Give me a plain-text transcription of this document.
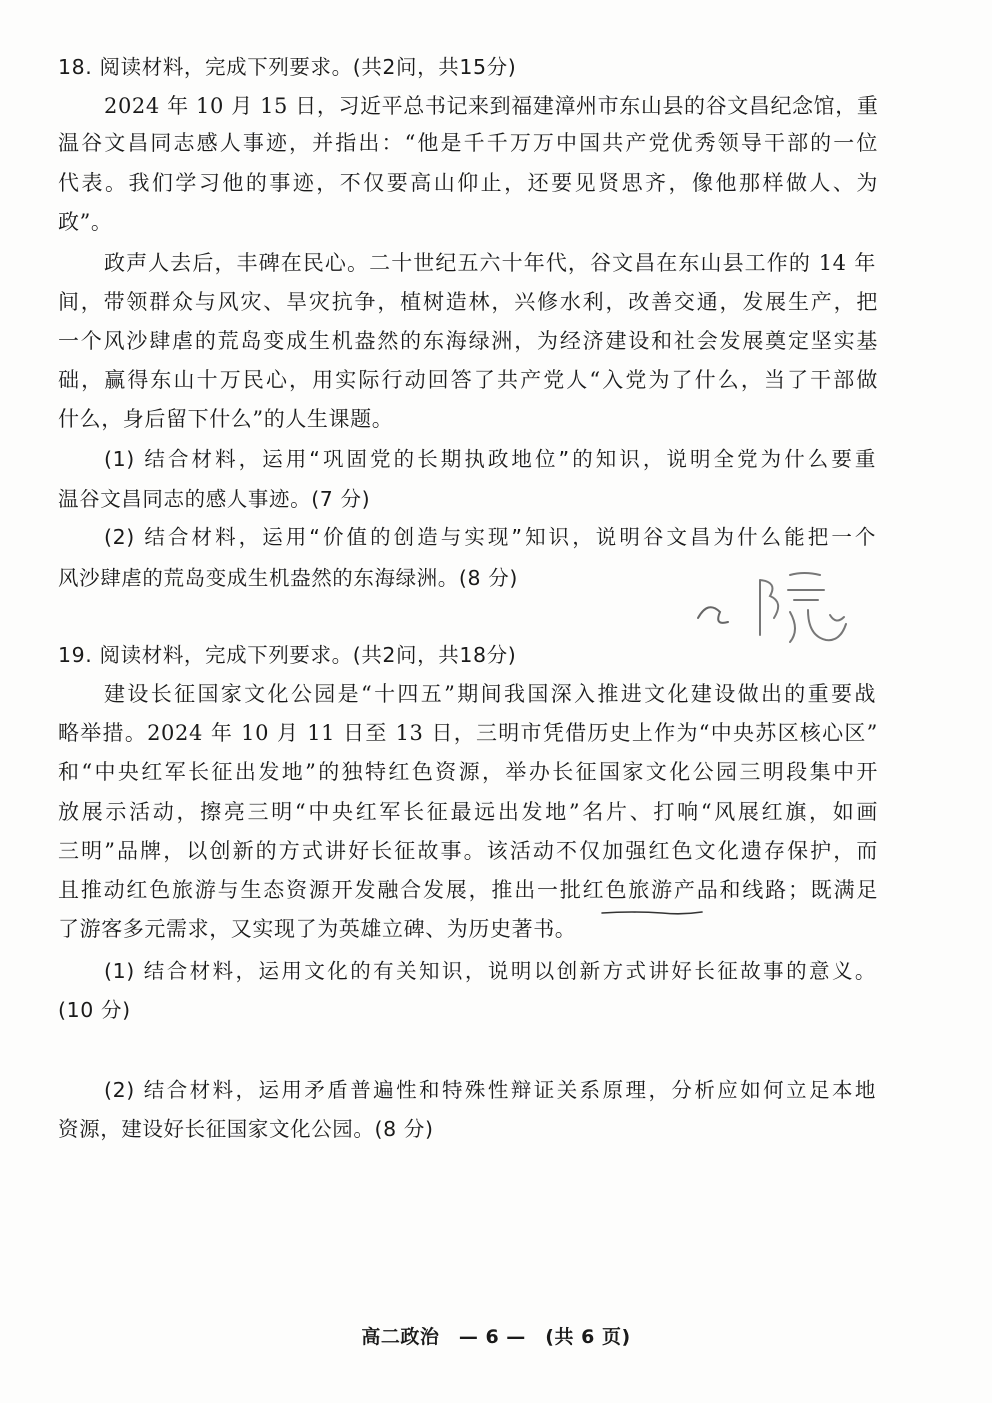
18. 阅读材料，完成下列要求。(共2问，共15分)
2024 年 10 月 15 日，习近平总书记来到福建漳州市东山县的谷文昌纪念馆，重
温谷文昌同志感人事迹，并指出：“他是千千万万中国共产党优秀领导干部的一位
代表。我们学习他的事迹，不仅要高山仰止，还要见贤思齐，像他那样做人、为
政”。
政声人去后，丰碑在民心。二十世纪五六十年代，谷文昌在东山县工作的 14 年
间，带领群众与风灾、旱灾抗争，植树造林，兴修水利，改善交通，发展生产，把
一个风沙肆虐的荒岛变成生机盎然的东海绿洲，为经济建设和社会发展奠定坚实基
础，赢得东山十万民心，用实际行动回答了共产党人“入党为了什么，当了干部做
什么，身后留下什么”的人生课题。
(1) 结合材料，运用“巩固党的长期执政地位”的知识，说明全党为什么要重
温谷文昌同志的感人事迹。(7 分)
(2) 结合材料，运用“价值的创造与实现”知识，说明谷文昌为什么能把一个
风沙肆虐的荒岛变成生机盎然的东海绿洲。(8 分)
19. 阅读材料，完成下列要求。(共2问，共18分)
建设长征国家文化公园是“十四五”期间我国深入推进文化建设做出的重要战
略举措。2024 年 10 月 11 日至 13 日，三明市凭借历史上作为“中央苏区核心区”
和“中央红军长征出发地”的独特红色资源，举办长征国家文化公园三明段集中开
放展示活动，擦亮三明“中央红军长征最远出发地”名片、打响“风展红旗，如画
三明”品牌，以创新的方式讲好长征故事。该活动不仅加强红色文化遗存保护，而
且推动红色旅游与生态资源开发融合发展，推出一批红色旅游产品和线路；既满足
了游客多元需求，又实现了为英雄立碑、为历史著书。
(1) 结合材料，运用文化的有关知识，说明以创新方式讲好长征故事的意义。
(10 分)
(2) 结合材料，运用矛盾普遍性和特殊性辩证关系原理，分析应如何立足本地
资源，建设好长征国家文化公园。(8 分)
高二政治　— 6 —　(共 6 页)
